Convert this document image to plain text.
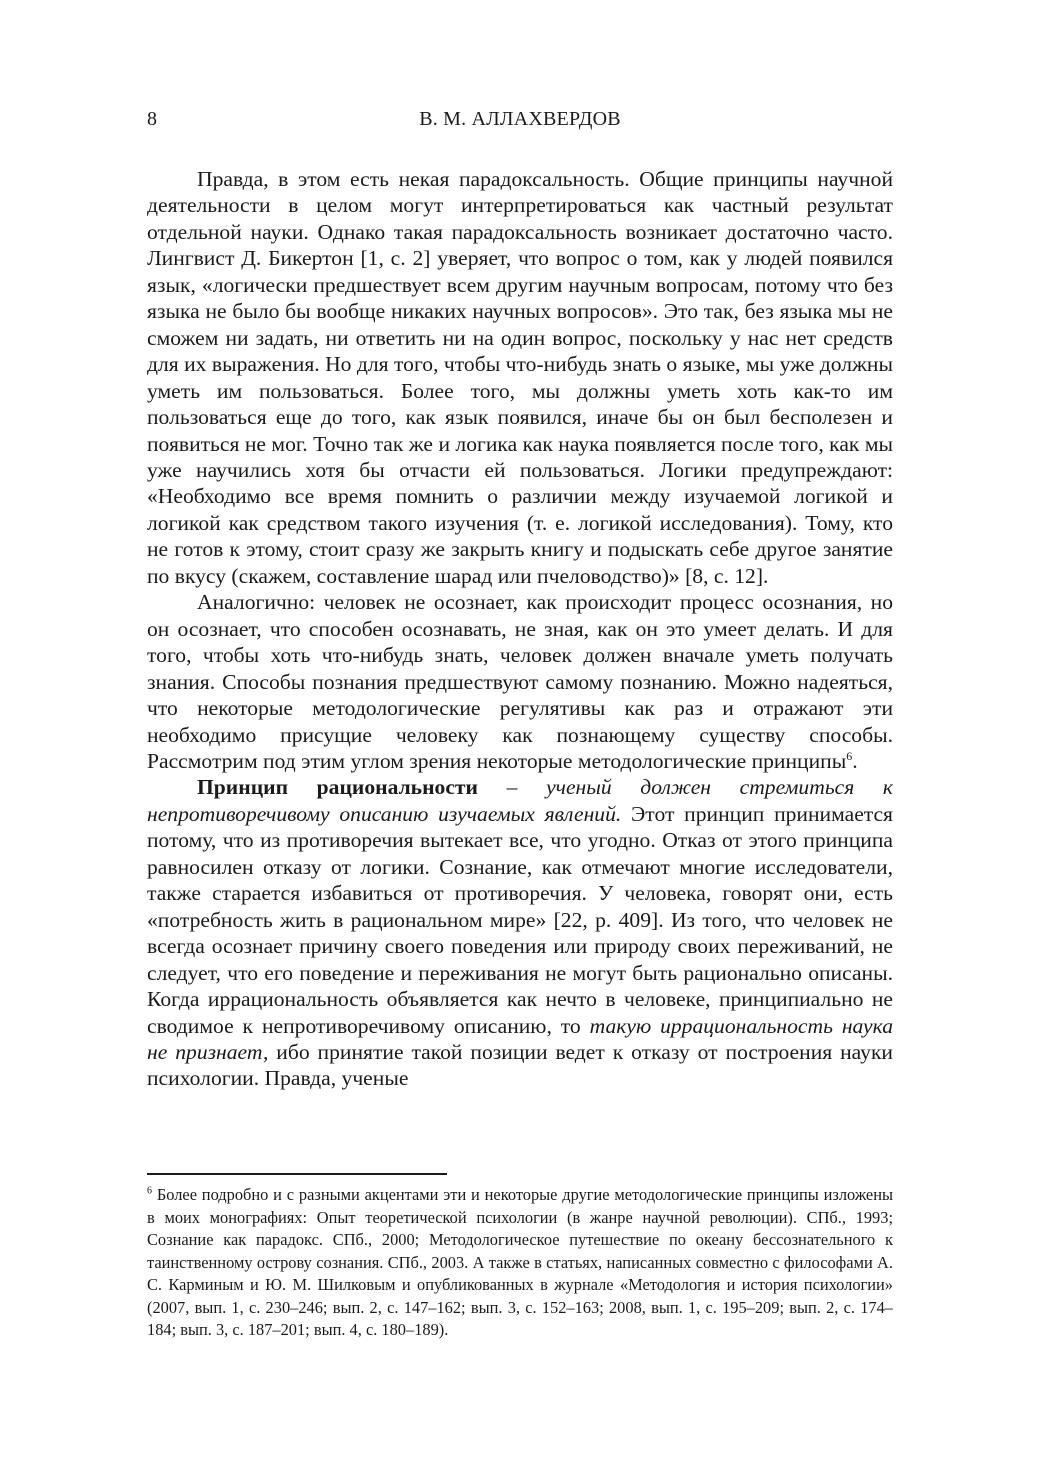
8	В. М. АЛЛАХВЕРДОВ

Правда, в этом есть некая парадоксальность. Общие принципы научной деятельности в целом могут интерпретироваться как частный результат отдельной науки. Однако такая парадоксальность возникает достаточно часто. Лингвист Д. Бикертон [1, с. 2] уверяет, что вопрос о том, как у людей появился язык, «логически предшествует всем другим научным вопросам, потому что без языка не было бы вообще никаких научных вопросов». Это так, без языка мы не сможем ни задать, ни ответить ни на один вопрос, поскольку у нас нет средств для их выражения. Но для того, чтобы что-нибудь знать о языке, мы уже должны уметь им пользоваться. Более того, мы должны уметь хоть как-то им пользоваться еще до того, как язык появился, иначе бы он был бесполезен и появиться не мог. Точно так же и логика как наука появляется после того, как мы уже научились хотя бы отчасти ей пользоваться. Логики предупреждают: «Необходимо все время помнить о различии между изучаемой логикой и логикой как средством такого изучения (т. е. логикой исследования). Тому, кто не готов к этому, стоит сразу же закрыть книгу и подыскать себе другое занятие по вкусу (скажем, составление шарад или пчеловодство)» [8, с. 12].

Аналогично: человек не осознает, как происходит процесс осознания, но он осознает, что способен осознавать, не зная, как он это умеет делать. И для того, чтобы хоть что-нибудь знать, человек должен вначале уметь получать знания. Способы познания предшествуют самому познанию. Можно надеяться, что некоторые методологические регулятивы как раз и отражают эти необходимо присущие человеку как познающему существу способы. Рассмотрим под этим углом зрения некоторые методологические принципы$^6$.

Принцип рациональности – ученый должен стремиться к непротиворечивому описанию изучаемых явлений. Этот принцип принимается потому, что из противоречия вытекает все, что угодно. Отказ от этого принципа равносилен отказу от логики. Сознание, как отмечают многие исследователи, также старается избавиться от противоречия. У человека, говорят они, есть «потребность жить в рациональном мире» [22, p. 409]. Из того, что человек не всегда осознает причину своего поведения или природу своих переживаний, не следует, что его поведение и переживания не могут быть рационально описаны. Когда иррациональность объявляется как нечто в человеке, принципиально не сводимое к непротиворечивому описанию, то такую иррациональность наука не признает, ибо принятие такой позиции ведет к отказу от построения науки психологии. Правда, ученые

$^6$ Более подробно и с разными акцентами эти и некоторые другие методологические принципы изложены в моих монографиях: Опыт теоретической психологии (в жанре научной революции). СПб., 1993; Сознание как парадокс. СПб., 2000; Методологическое путешествие по океану бессознательного к таинственному острову сознания. СПб., 2003. А также в статьях, написанных совместно с философами А. С. Карминым и Ю. М. Шилковым и опубликованных в журнале «Методология и история психологии» (2007, вып. 1, с. 230–246; вып. 2, с. 147–162; вып. 3, с. 152–163; 2008, вып. 1, с. 195–209; вып. 2, с. 174–184; вып. 3, с. 187–201; вып. 4, с. 180–189).
